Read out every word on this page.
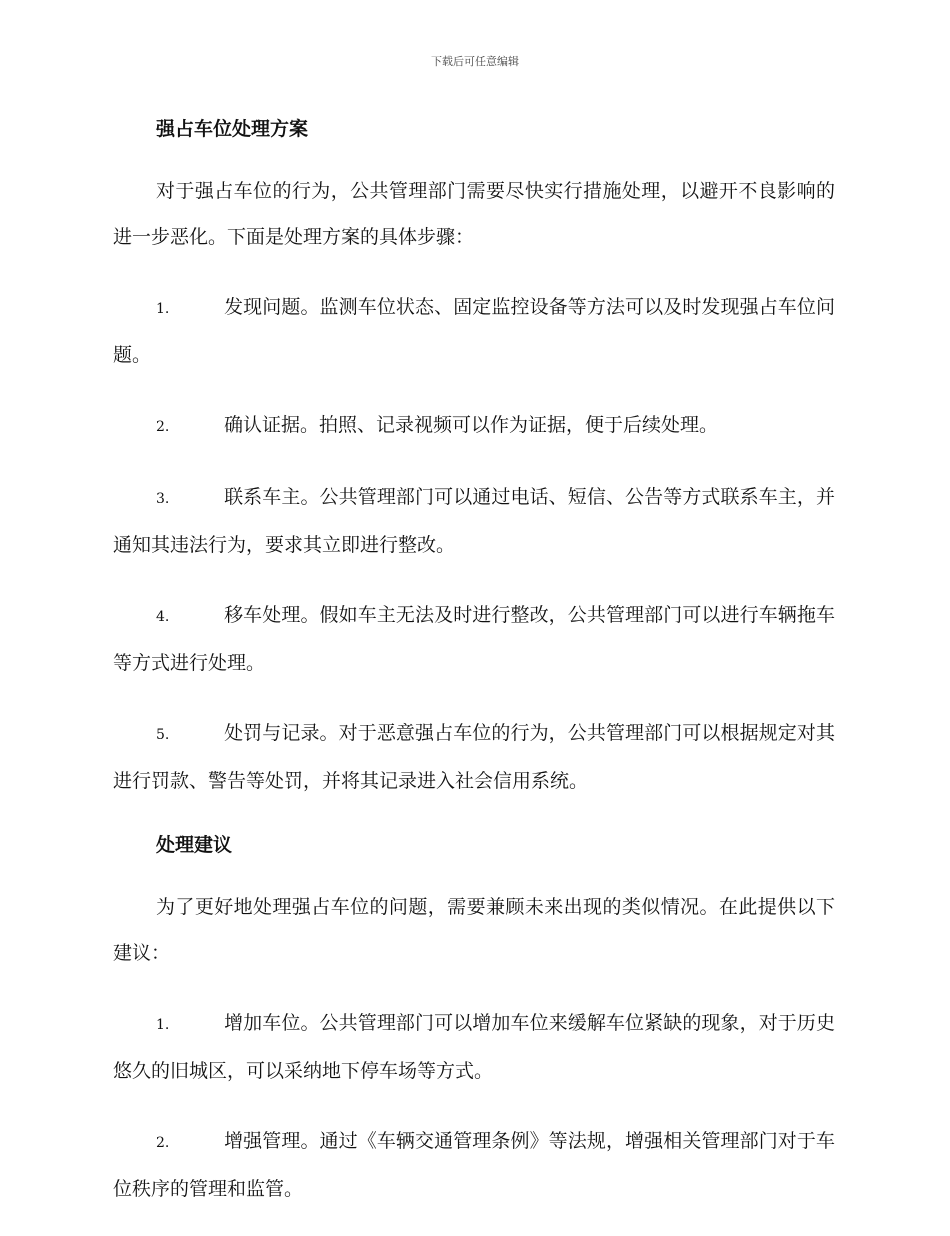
下载后可任意编辑
强占车位处理方案

对于强占车位的行为，公共管理部门需要尽快实行措施处理，以避开不良影响的进一步恶化。下面是处理方案的具体步骤：

1.	发现问题。监测车位状态、固定监控设备等方法可以及时发现强占车位问题。

2.	确认证据。拍照、记录视频可以作为证据，便于后续处理。

3.	联系车主。公共管理部门可以通过电话、短信、公告等方式联系车主，并通知其违法行为，要求其立即进行整改。

4.	移车处理。假如车主无法及时进行整改，公共管理部门可以进行车辆拖车等方式进行处理。

5.	处罚与记录。对于恶意强占车位的行为，公共管理部门可以根据规定对其进行罚款、警告等处罚，并将其记录进入社会信用系统。

处理建议

为了更好地处理强占车位的问题，需要兼顾未来出现的类似情况。在此提供以下建议：

1.	增加车位。公共管理部门可以增加车位来缓解车位紧缺的现象，对于历史悠久的旧城区，可以采纳地下停车场等方式。

2.	增强管理。通过《车辆交通管理条例》等法规，增强相关管理部门对于车位秩序的管理和监管。
